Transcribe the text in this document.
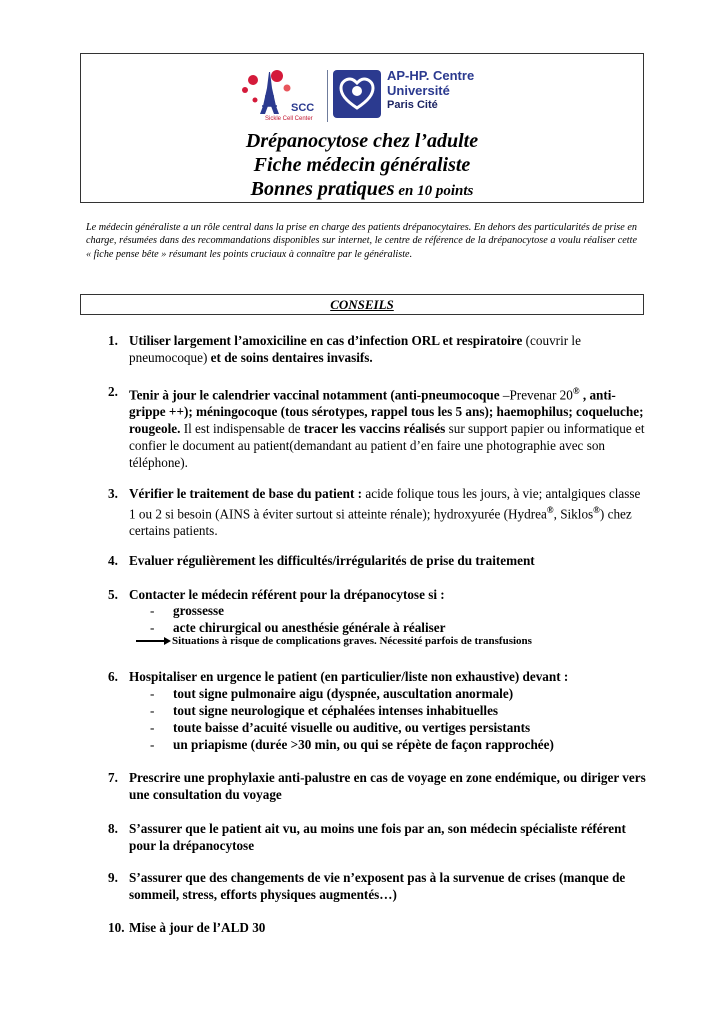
SCC
Sickle Cell Center
AP-HP. Centre
Université
Paris Cité
Drépanocytose chez l’adulte
Fiche médecin généraliste
Bonnes pratiques en 10 points
Le médecin généraliste a un rôle central dans la prise en charge des patients drépanocytaires. En dehors des particularités de prise en charge, résumées dans des recommandations disponibles sur internet, le centre de référence de la drépanocytose a voulu réaliser cette « fiche pense bête » résumant les points cruciaux à connaître par le généraliste.
CONSEILS
1. Utiliser largement l’amoxiciline en cas d’infection ORL et respiratoire (couvrir le pneumocoque) et de soins dentaires invasifs.
2. Tenir à jour le calendrier vaccinal notamment (anti-pneumocoque –Prevenar 20® , anti-grippe ++); méningocoque (tous sérotypes, rappel tous les 5 ans); haemophilus; coqueluche; rougeole. Il est indispensable de tracer les vaccins réalisés sur support papier ou informatique et confier le document au patient(demandant au patient d’en faire une photographie avec son téléphone).
3. Vérifier le traitement de base du patient : acide folique tous les jours, à vie; antalgiques classe 1 ou 2 si besoin (AINS à éviter surtout si atteinte rénale); hydroxyurée (Hydrea®, Siklos®) chez certains patients.
4. Evaluer régulièrement les difficultés/irrégularités de prise du traitement
5. Contacter le médecin référent pour la drépanocytose si :
- grossesse
- acte chirurgical ou anesthésie générale à réaliser
Situations à risque de complications graves. Nécessité parfois de transfusions
6. Hospitaliser en urgence le patient (en particulier/liste non exhaustive) devant :
- tout signe pulmonaire aigu (dyspnée, auscultation anormale)
- tout signe neurologique et céphalées intenses inhabituelles
- toute baisse d’acuité visuelle ou auditive, ou vertiges persistants
- un priapisme (durée >30 min, ou qui se répète de façon rapprochée)
7. Prescrire une prophylaxie anti-palustre en cas de voyage en zone endémique, ou diriger vers une consultation du voyage
8. S’assurer que le patient ait vu, au moins une fois par an, son médecin spécialiste référent pour la drépanocytose
9. S’assurer que des changements de vie n’exposent pas à la survenue de crises (manque de sommeil, stress, efforts physiques augmentés…)
10. Mise à jour de l’ALD 30
